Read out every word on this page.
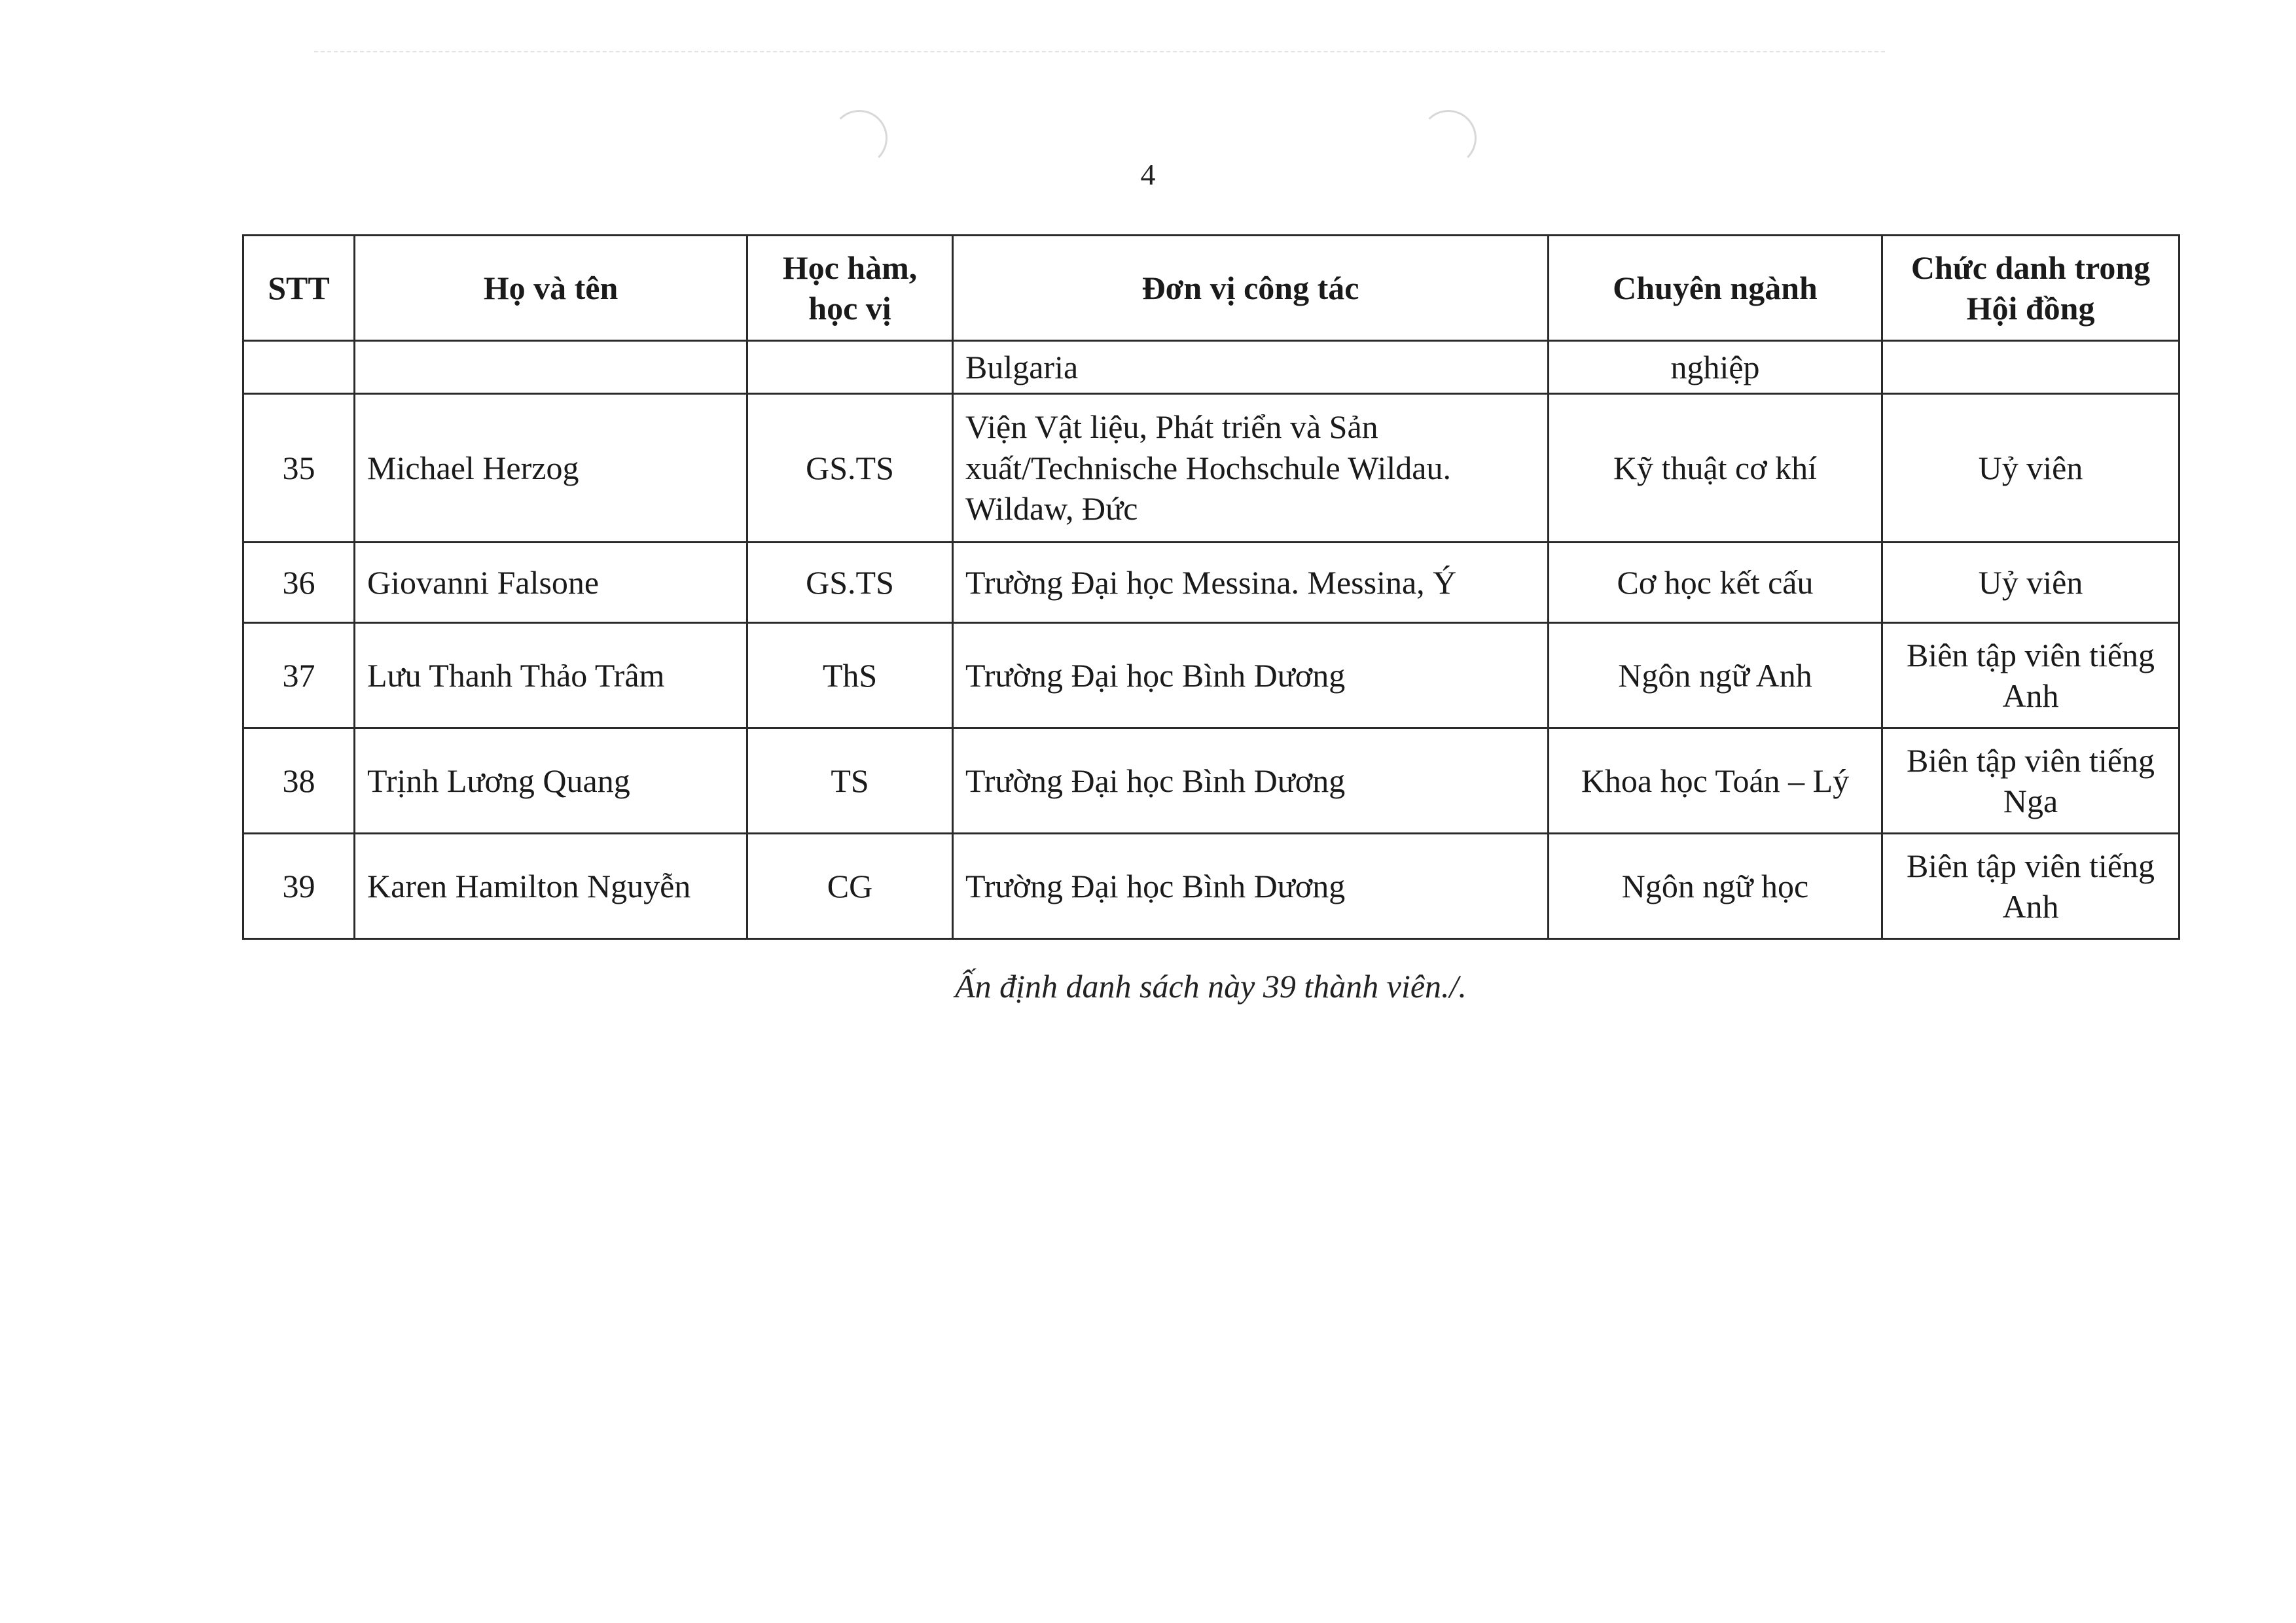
4
STT	Họ và tên	Học hàm, học vị	Đơn vị công tác	Chuyên ngành	Chức danh trong Hội đồng
			Bulgaria	nghiệp	
35	Michael Herzog	GS.TS	Viện Vật liệu, Phát triển và Sản xuất/Technische Hochschule Wildau. Wildaw, Đức	Kỹ thuật cơ khí	Uỷ viên
36	Giovanni Falsone	GS.TS	Trường Đại học Messina. Messina, Ý	Cơ học kết cấu	Uỷ viên
37	Lưu Thanh Thảo Trâm	ThS	Trường Đại học Bình Dương	Ngôn ngữ Anh	Biên tập viên tiếng Anh
38	Trịnh Lương Quang	TS	Trường Đại học Bình Dương	Khoa học Toán – Lý	Biên tập viên tiếng Nga
39	Karen Hamilton Nguyễn	CG	Trường Đại học Bình Dương	Ngôn ngữ học	Biên tập viên tiếng Anh
Ấn định danh sách này 39 thành viên./.
